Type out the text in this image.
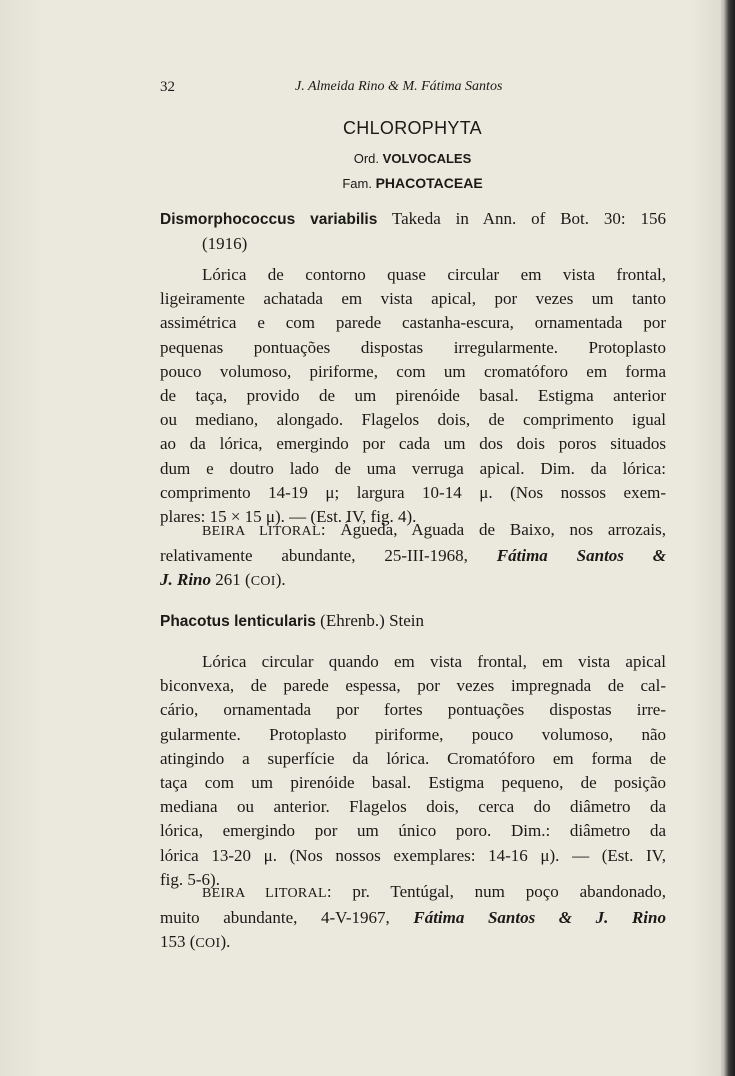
32	J. Almeida Rino & M. Fátima Santos
CHLOROPHYTA
Ord. VOLVOCALES
Fam. PHACOTACEAE
Dismorphococcus variabilis Takeda in Ann. of Bot. 30: 156
(1916)
Lórica de contorno quase circular em vista frontal,
ligeiramente achatada em vista apical, por vezes um tanto
assimétrica e com parede castanha-escura, ornamentada por
pequenas pontuações dispostas irregularmente. Protoplasto
pouco volumoso, piriforme, com um cromatóforo em forma
de taça, provido de um pirenóide basal. Estigma anterior
ou mediano, alongado. Flagelos dois, de comprimento igual
ao da lórica, emergindo por cada um dos dois poros situados
dum e doutro lado de uma verruga apical. Dim. da lórica:
comprimento 14-19 μ; largura 10-14 μ. (Nos nossos exem-
plares: 15 × 15 μ). — (Est. IV, fig. 4).
BEIRA LITORAL: Águeda, Aguada de Baixo, nos arrozais,
relativamente abundante, 25-III-1968, Fátima Santos &
J. Rino 261 (COI).
Phacotus lenticularis (Ehrenb.) Stein
Lórica circular quando em vista frontal, em vista apical
biconvexa, de parede espessa, por vezes impregnada de cal-
cário, ornamentada por fortes pontuações dispostas irre-
gularmente. Protoplasto piriforme, pouco volumoso, não
atingindo a superfície da lórica. Cromatóforo em forma de
taça com um pirenóide basal. Estigma pequeno, de posição
mediana ou anterior. Flagelos dois, cerca do diâmetro da
lórica, emergindo por um único poro. Dim.: diâmetro da
lórica 13-20 μ. (Nos nossos exemplares: 14-16 μ). — (Est. IV,
fig. 5-6).
BEIRA LITORAL: pr. Tentúgal, num poço abandonado,
muito abundante, 4-V-1967, Fátima Santos & J. Rino
153 (COI).
